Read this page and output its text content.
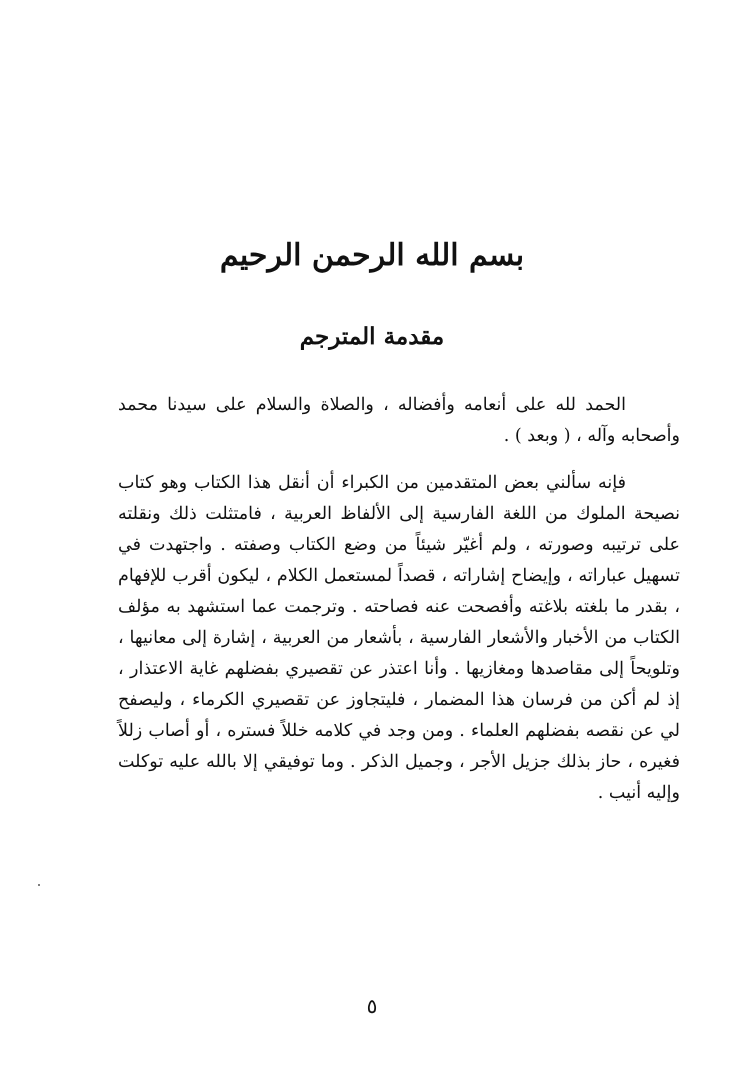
بسم الله الرحمن الرحيم
مقدمة المترجم

الحمد لله على أنعامه وأفضاله ، والصلاة والسلام على سيدنا محمد وأصحابه وآله ، ( وبعد ) .

فإنه سألني بعض المتقدمين من الكبراء أن أنقل هذا الكتاب وهو كتاب نصيحة الملوك من اللغة الفارسية إلى الألفاظ العربية ، فامتثلت ذلك ونقلته على ترتيبه وصورته ، ولم أغيّر شيئاً من وضع الكتاب وصفته . واجتهدت في تسهيل عباراته ، وإيضاح إشاراته ، قصداً لمستعمل الكلام ، ليكون أقرب للإفهام ، بقدر ما بلغته بلاغته وأفصحت عنه فصاحته . وترجمت عما استشهد به مؤلف الكتاب من الأخبار والأشعار الفارسية ، بأشعار من العربية ، إشارة إلى معانيها ، وتلويحاً إلى مقاصدها ومغازيها . وأنا اعتذر عن تقصيري بفضلهم غاية الاعتذار ، إذ لم أكن من فرسان هذا المضمار ، فليتجاوز عن تقصيري الكرماء ، وليصفح لي عن نقصه بفضلهم العلماء . ومن وجد في كلامه خللاً فستره ، أو أصاب زللاً فغيره ، حاز بذلك جزيل الأجر ، وجميل الذكر . وما توفيقي إلا بالله عليه توكلت وإليه أنيب .

٥
